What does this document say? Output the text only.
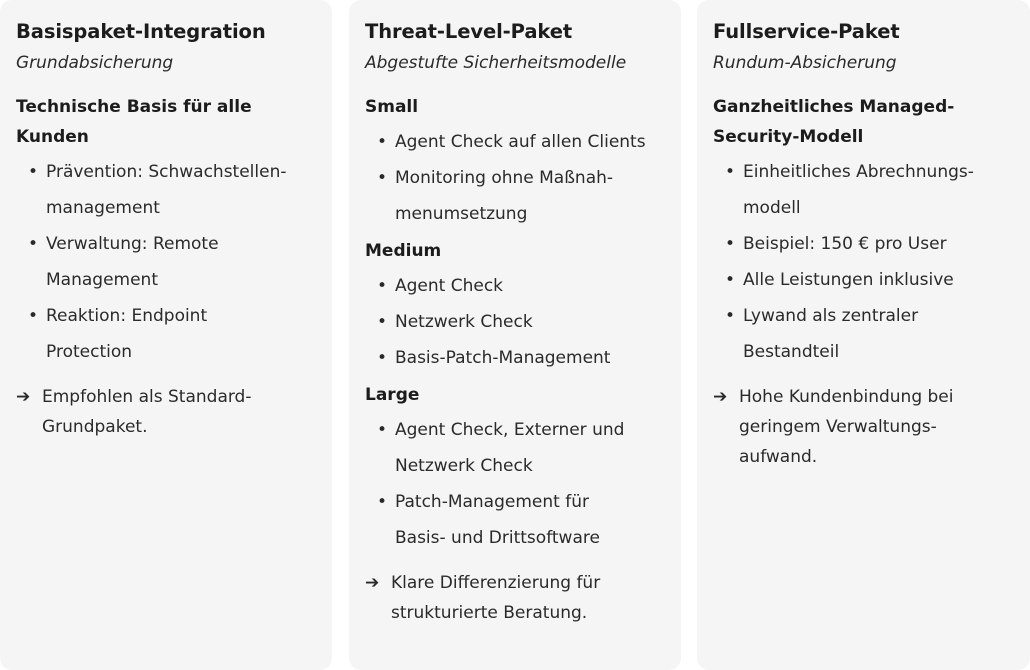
Basispaket-Integration
Grundabsicherung
Technische Basis für alle
Kunden
• Prävention: Schwachstellen-
management
• Verwaltung: Remote
Management
• Reaktion: Endpoint
Protection
➔ Empfohlen als Standard-
Grundpaket.
Threat-Level-Paket
Abgestufte Sicherheitsmodelle
Small
• Agent Check auf allen Clients
• Monitoring ohne Maßnah-
menumsetzung
Medium
• Agent Check
• Netzwerk Check
• Basis-Patch-Management
Large
• Agent Check, Externer und
Netzwerk Check
• Patch-Management für
Basis- und Drittsoftware
➔ Klare Differenzierung für
strukturierte Beratung.
Fullservice-Paket
Rundum-Absicherung
Ganzheitliches Managed-
Security-Modell
• Einheitliches Abrechnungs-
modell
• Beispiel: 150 € pro User
• Alle Leistungen inklusive
• Lywand als zentraler
Bestandteil
➔ Hohe Kundenbindung bei
geringem Verwaltungs-
aufwand.
